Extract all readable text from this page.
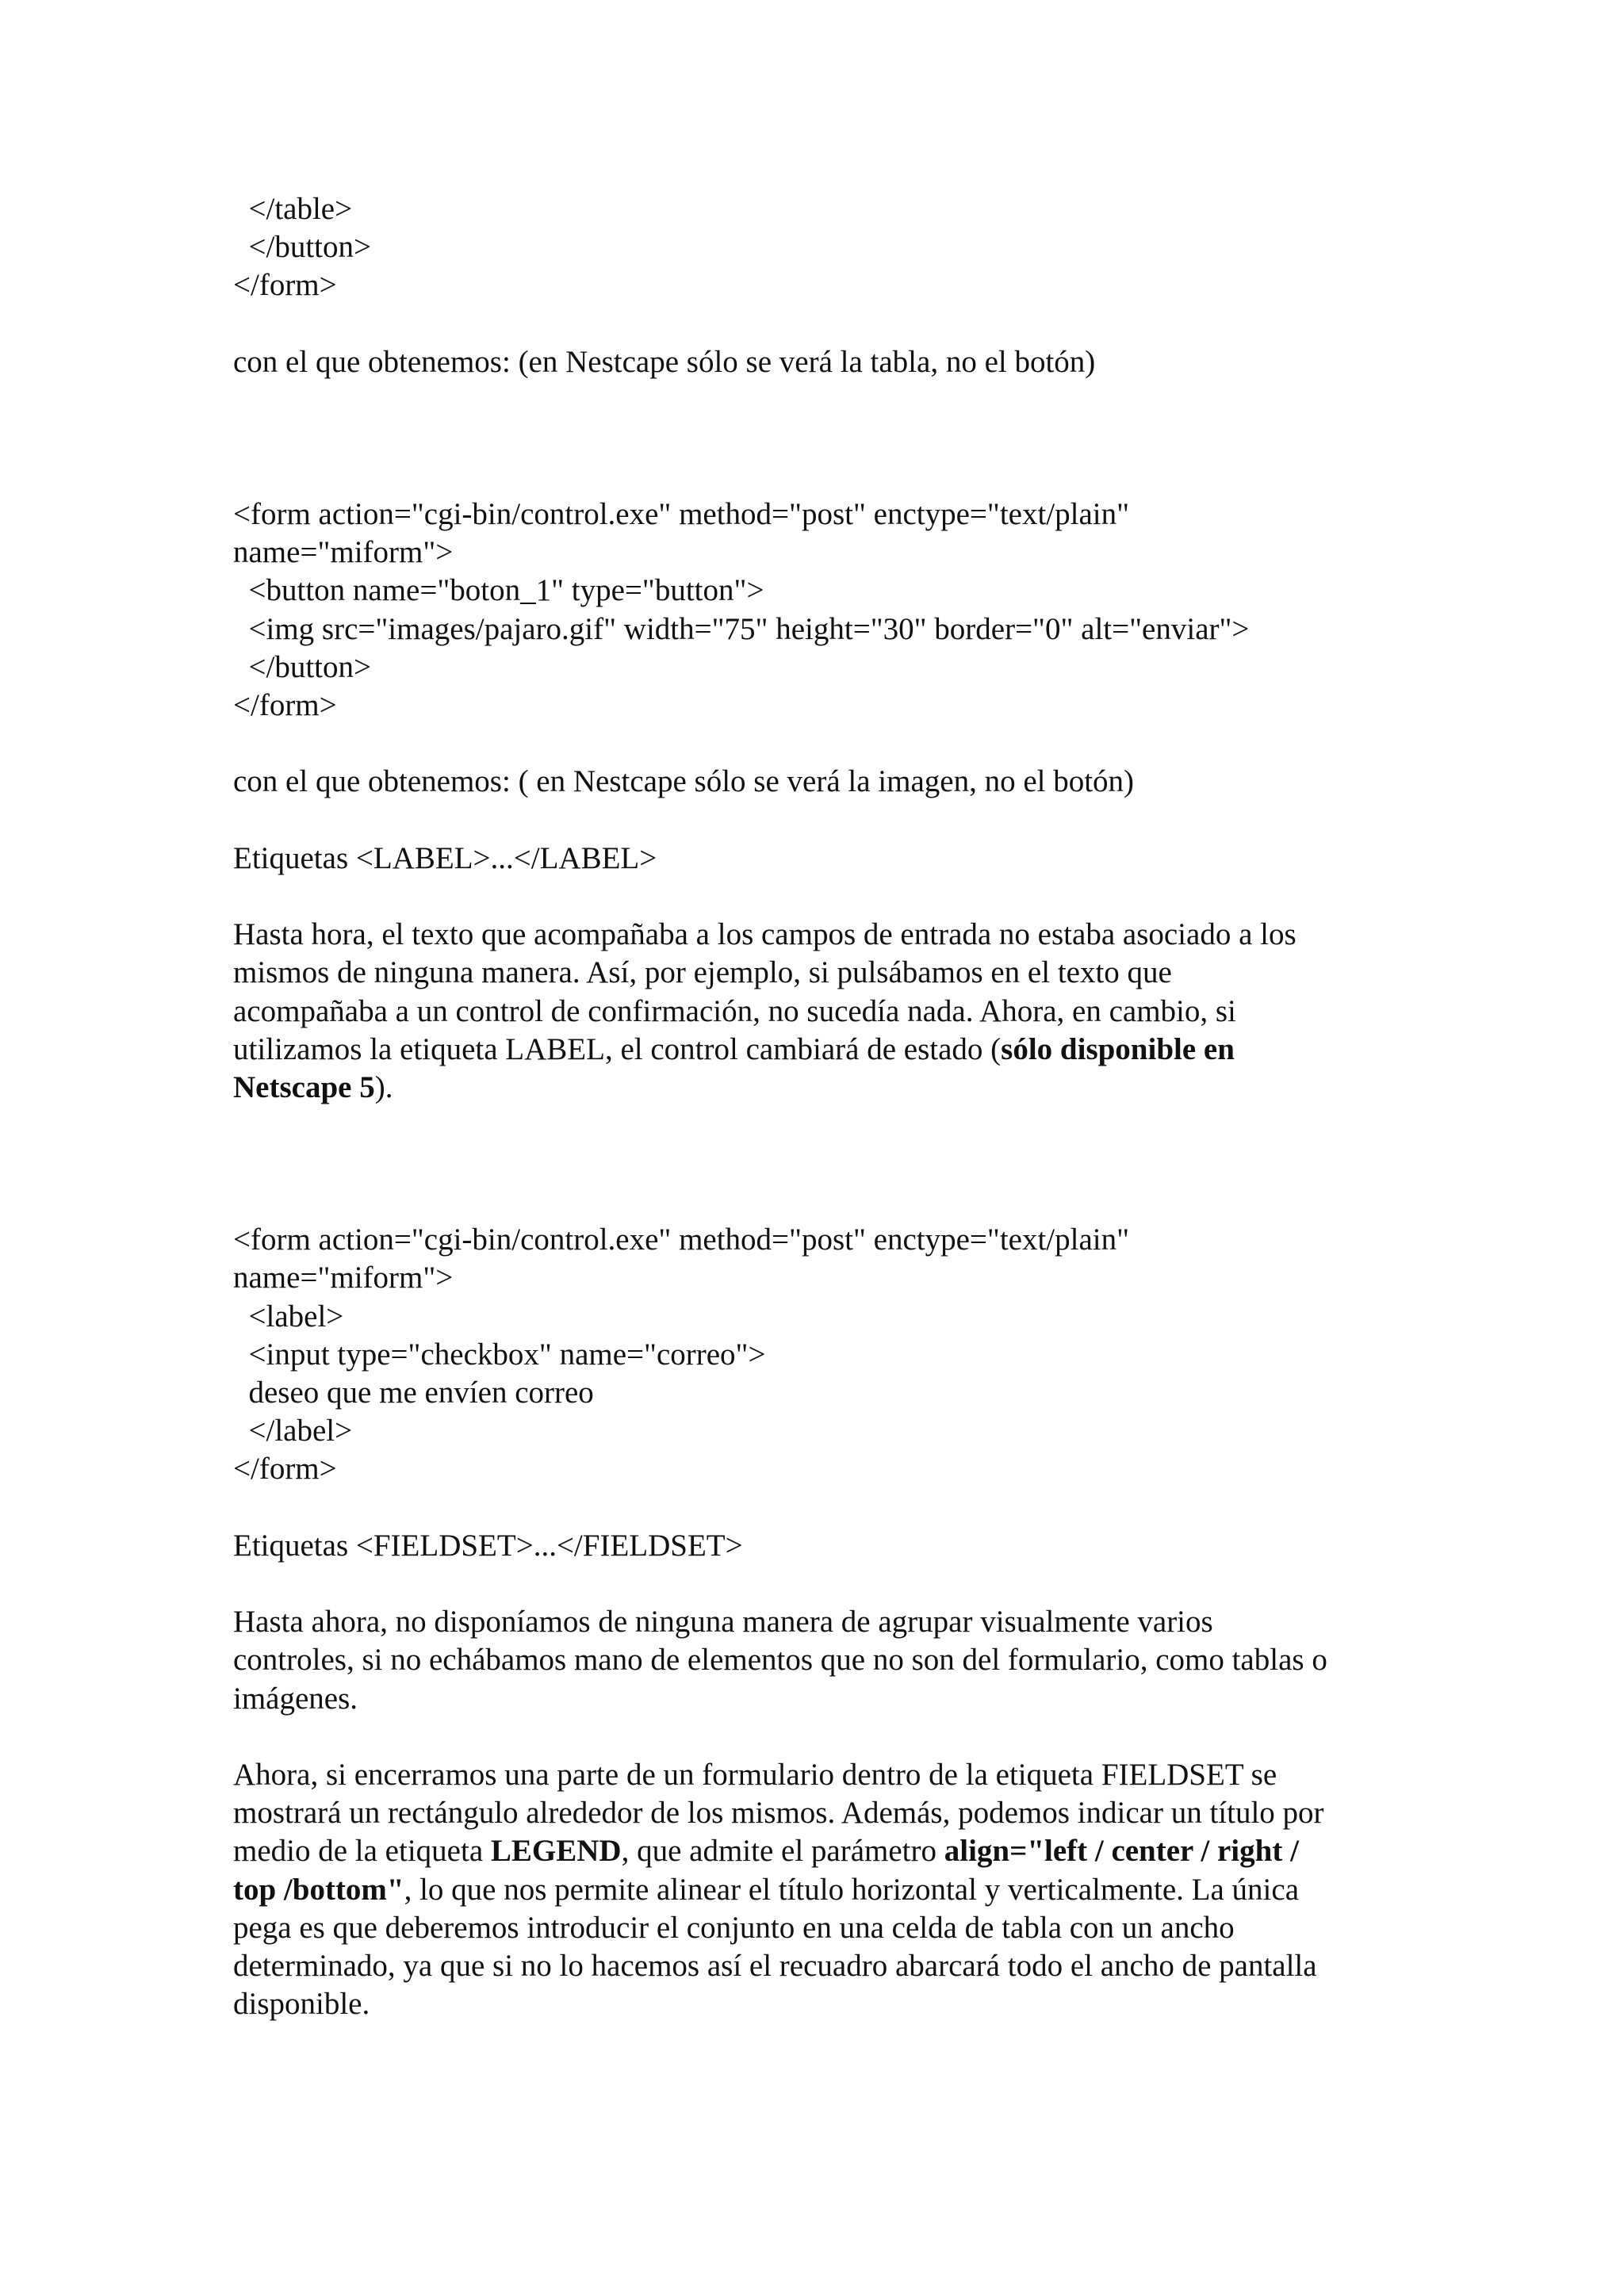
</table>

</button>

</form>

con el que obtenemos: (en Nestcape sólo se verá la tabla, no el botón)

<form action="cgi-bin/control.exe" method="post" enctype="text/plain"

name="miform">

<button name="boton_1" type="button">

<img src="images/pajaro.gif" width="75" height="30" border="0" alt="enviar">

</button>

</form>

con el que obtenemos: ( en Nestcape sólo se verá la imagen, no el botón)

Etiquetas <LABEL>...</LABEL>

Hasta hora, el texto que acompañaba a los campos de entrada no estaba asociado a los
mismos de ninguna manera. Así, por ejemplo, si pulsábamos en el texto que
acompañaba a un control de confirmación, no sucedía nada. Ahora, en cambio, si
utilizamos la etiqueta LABEL, el control cambiará de estado (sólo disponible en
Netscape 5).

<form action="cgi-bin/control.exe" method="post" enctype="text/plain"

name="miform">

<label>

<input type="checkbox" name="correo">

deseo que me envíen correo

</label>

</form>

Etiquetas <FIELDSET>...</FIELDSET>

Hasta ahora, no disponíamos de ninguna manera de agrupar visualmente varios
controles, si no echábamos mano de elementos que no son del formulario, como tablas o
imágenes.
Ahora, si encerramos una parte de un formulario dentro de la etiqueta FIELDSET se
mostrará un rectángulo alrededor de los mismos. Además, podemos indicar un título por
medio de la etiqueta LEGEND, que admite el parámetro align="left / center / right /
top /bottom", lo que nos permite alinear el título horizontal y verticalmente. La única
pega es que deberemos introducir el conjunto en una celda de tabla con un ancho
determinado, ya que si no lo hacemos así el recuadro abarcará todo el ancho de pantalla
disponible.
